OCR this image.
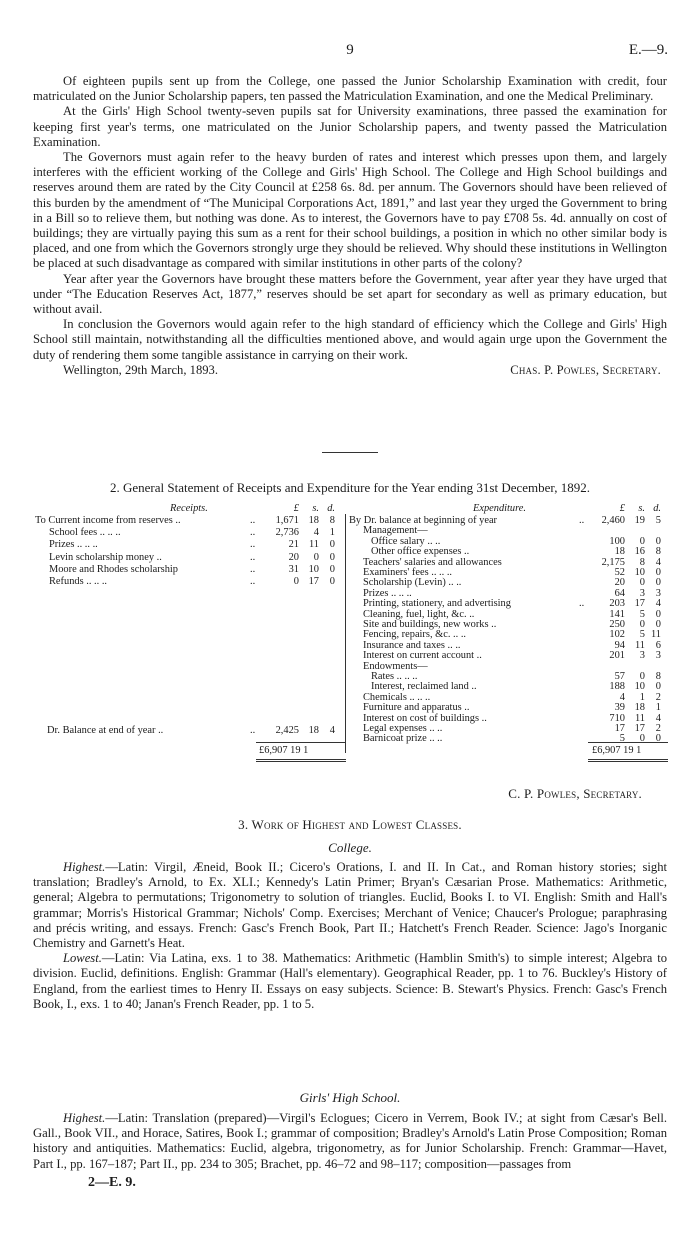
9	E.—9.

Of eighteen pupils sent up from the College, one passed the Junior Scholarship Examination with credit, four matriculated on the Junior Scholarship papers, ten passed the Matriculation Examination, and one the Medical Preliminary.

At the Girls' High School twenty-seven pupils sat for University examinations, three passed the examination for keeping first year's terms, one matriculated on the Junior Scholarship papers, and twenty passed the Matriculation Examination.

The Governors must again refer to the heavy burden of rates and interest which presses upon them, and largely interferes with the efficient working of the College and Girls' High School. The College and High School buildings and reserves around them are rated by the City Council at £258 6s. 8d. per annum. The Governors should have been relieved of this burden by the amendment of “The Municipal Corporations Act, 1891,” and last year they urged the Government to bring in a Bill so to relieve them, but nothing was done. As to interest, the Governors have to pay £708 5s. 4d. annually on cost of buildings; they are virtually paying this sum as a rent for their school buildings, a position in which no other similar body is placed, and one from which the Governors strongly urge they should be relieved. Why should these institutions in Wellington be placed at such disadvantage as compared with similar institutions in other parts of the colony?

Year after year the Governors have brought these matters before the Government, year after year they have urged that under “The Education Reserves Act, 1877,” reserves should be set apart for secondary as well as primary education, but without avail.

In conclusion the Governors would again refer to the high standard of efficiency which the College and Girls' High School still maintain, notwithstanding all the difficulties mentioned above, and would again urge upon the Government the duty of rendering them some tangible assistance in carrying on their work.

Wellington, 29th March, 1893.	Chas. P. Powles, Secretary.
2. General Statement of Receipts and Expenditure for the Year ending 31st December, 1892.
Receipts.	£	s. d.
To Current income from reserves ..	..	1,671 18	8
School fees .. .. ..	..	2,736	4	1
Prizes .. .. ..	..	21 11	0
Levin scholarship money ..	..	20	0	0
Moore and Rhodes scholarship	..	31 10	0
Refunds .. .. ..	..	0 17	0
Dr. Balance at end of year ..	..	2,425 18	4
Expenditure.	£	s. d.
By Dr. balance at beginning of year	..	2,460 19	5
Management—
Office salary .. ..	100	0	0
Other office expenses ..	18 16	8
Teachers' salaries and allowances	2,175	8	4
Examiners' fees .. .. ..	52 10	0
Scholarship (Levin) .. ..	20	0	0
Prizes .. .. ..	64	3	3
Printing, stationery, and advertising	..	203 17	4
Cleaning, fuel, light, &c. ..	141	5	0
Site and buildings, new works ..	250	0	0
Fencing, repairs, &c. .. ..	102	5 11
Insurance and taxes .. ..	94 11	6
Interest on current account ..	201	3	3
Endowments—
Rates .. .. ..	57	0	8
Interest, reclaimed land ..	188 10	0
Chemicals .. .. ..	4	1	2
Furniture and apparatus ..	39 18	1
Interest on cost of buildings ..	710 11	4
Legal expenses .. ..	17 17	2
Barnicoat prize .. ..	5	0	0
£6,907 19 1	£6,907 19 1
C. P. Powles, Secretary.
3. Work of Highest and Lowest Classes.
College.

Highest.—Latin: Virgil, Æneid, Book II.; Cicero's Orations, I. and II. In Cat., and Roman history stories; sight translation; Bradley's Arnold, to Ex. XLI.; Kennedy's Latin Primer; Bryan's Cæsarian Prose. Mathematics: Arithmetic, general; Algebra to permutations; Trigonometry to solution of triangles. Euclid, Books I. to VI. English: Smith and Hall's grammar; Morris's Historical Grammar; Nichols' Comp. Exercises; Merchant of Venice; Chaucer's Prologue; paraphrasing and précis writing, and essays. French: Gasc's French Book, Part II.; Hatchett's French Reader. Science: Jago's Inorganic Chemistry and Garnett's Heat.

Lowest.—Latin: Via Latina, exs. 1 to 38. Mathematics: Arithmetic (Hamblin Smith's) to simple interest; Algebra to division. Euclid, definitions. English: Grammar (Hall's elementary). Geographical Reader, pp. 1 to 76. Buckley's History of England, from the earliest times to Henry II. Essays on easy subjects. Science: B. Stewart's Physics. French: Gasc's French Book, I., exs. 1 to 40; Janan's French Reader, pp. 1 to 5.

Girls' High School.

Highest.—Latin: Translation (prepared)—Virgil's Eclogues; Cicero in Verrem, Book IV.; at sight from Cæsar's Bell. Gall., Book VII., and Horace, Satires, Book I.; grammar of composition; Bradley's Arnold's Latin Prose Composition; Roman history and antiquities. Mathematics: Euclid, algebra, trigonometry, as for Junior Scholarship. French: Grammar—Havet, Part I., pp. 167–187; Part II., pp. 234 to 305; Brachet, pp. 46–72 and 98–117; composition—passages from

2—E. 9.
